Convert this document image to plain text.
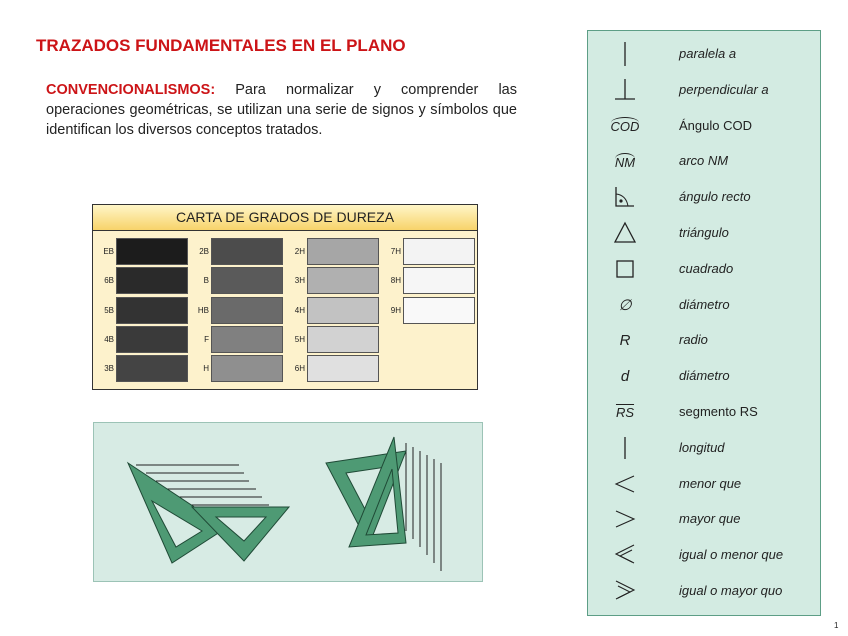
TRAZADOS FUNDAMENTALES EN EL PLANO
CONVENCIONALISMOS: Para normalizar y comprender las operaciones geométricas, se utilizan una serie de signos y símbolos que identifican los diversos conceptos tratados.
CARTA DE GRADOS DE DUREZA
EB
6B
5B
4B
3B
2B
B
HB
F
H
2H
3H
4H
5H
6H
7H
8H
9H
paralela a
perpendicular a
COD	Ángulo COD
NM	arco NM
ángulo recto
triángulo
cuadrado
∅	diámetro
R	radio
d	diámetro
$\overline{RS}$	segmento RS
longitud
menor que
mayor que
igual o menor que
igual o mayor quo
1
